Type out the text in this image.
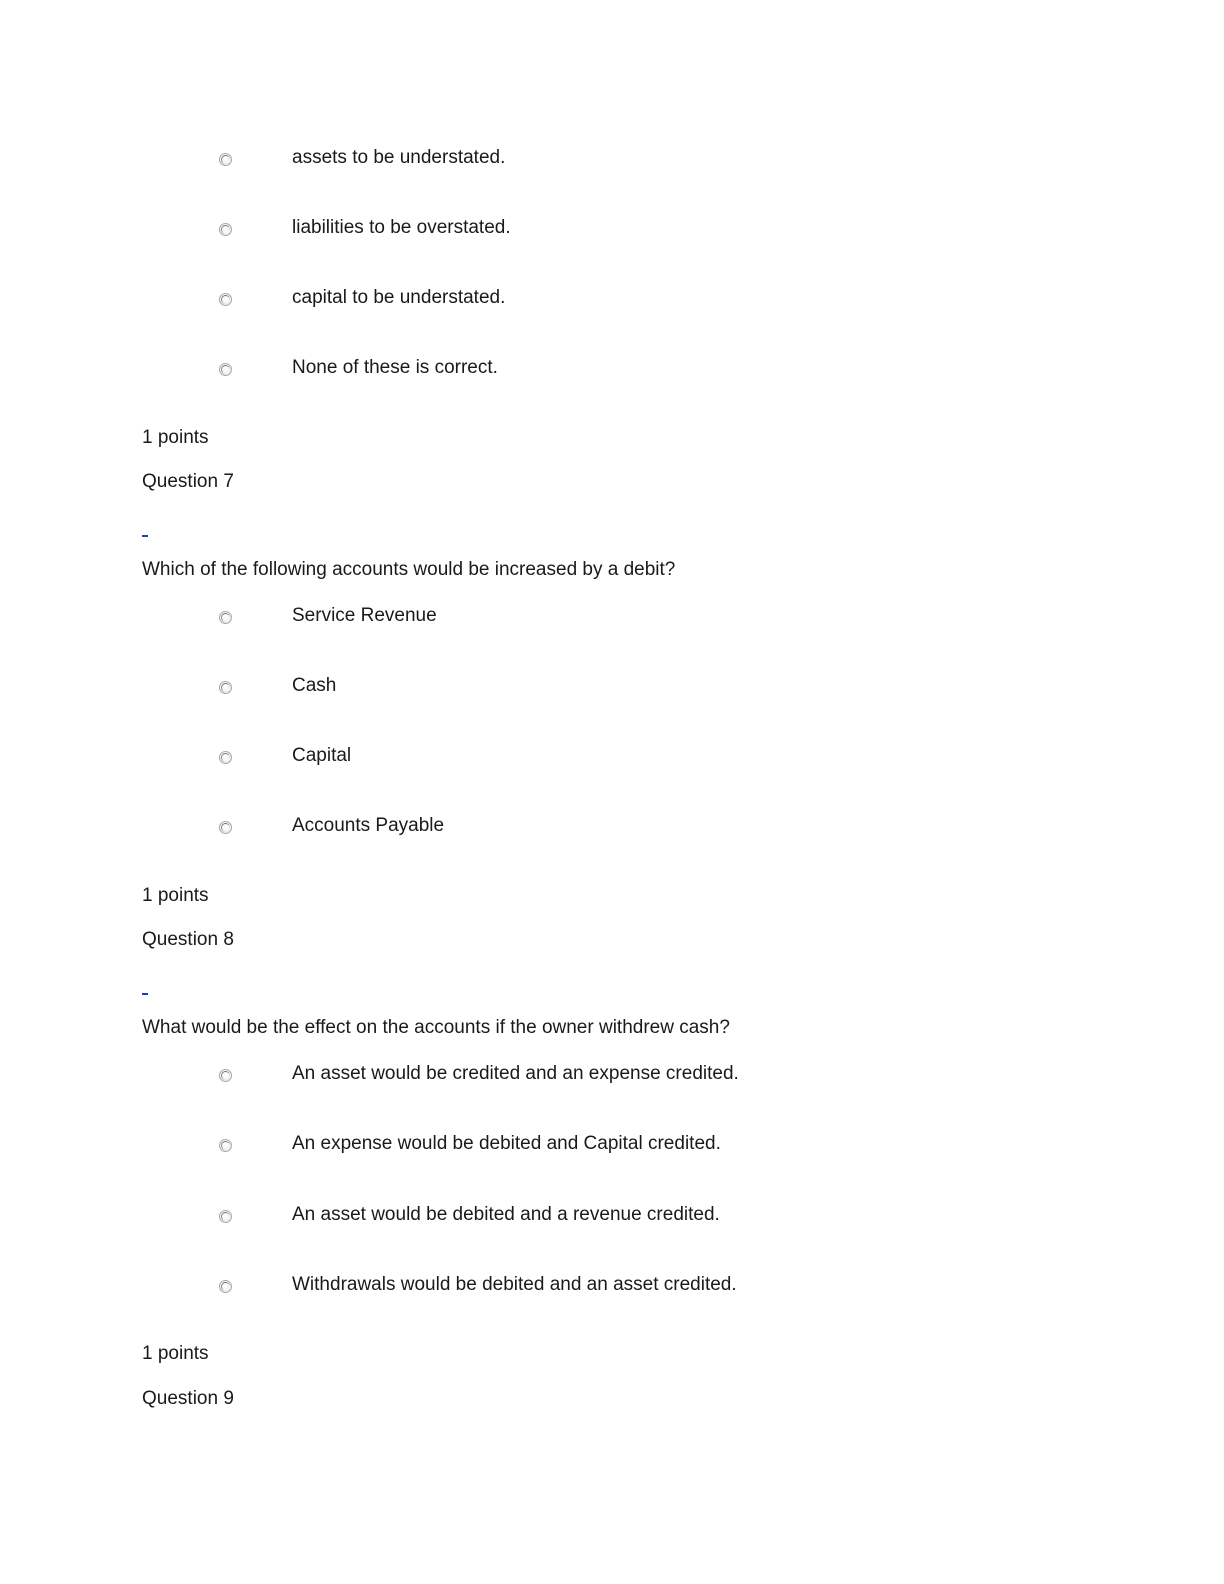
assets to be understated.
liabilities to be overstated.
capital to be understated.
None of these is correct.
1 points
Question 7
Which of the following accounts would be increased by a debit?
Service Revenue
Cash
Capital
Accounts Payable
1 points
Question 8
What would be the effect on the accounts if the owner withdrew cash?
An asset would be credited and an expense credited.
An expense would be debited and Capital credited.
An asset would be debited and a revenue credited.
Withdrawals would be debited and an asset credited.
1 points
Question 9
